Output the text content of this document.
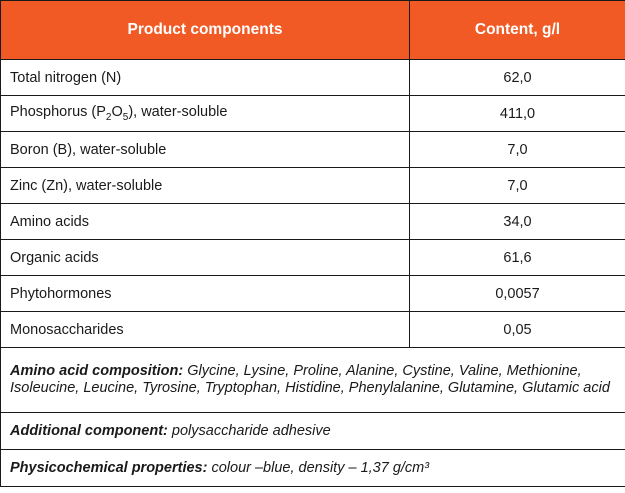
Product components	Content, g/l
Total nitrogen (N)	62,0
Phosphorus $(P_2O_5)$, water-soluble	411,0
Boron (B), water-soluble	7,0
Zinc (Zn), water-soluble	7,0
Amino acids	34,0
Organic acids	61,6
Phytohormones	0,0057
Monosaccharides	0,05
Amino acid composition: Glycine, Lysine, Proline, Alanine, Cystine, Valine, Methionine, Isoleucine, Leucine, Tyrosine, Tryptophan, Histidine, Phenylalanine, Glutamine, Glutamic acid	
Additional component: polysaccharide adhesive	
Physicochemical properties: colour –blue, density – 1,37 g/cm³	
